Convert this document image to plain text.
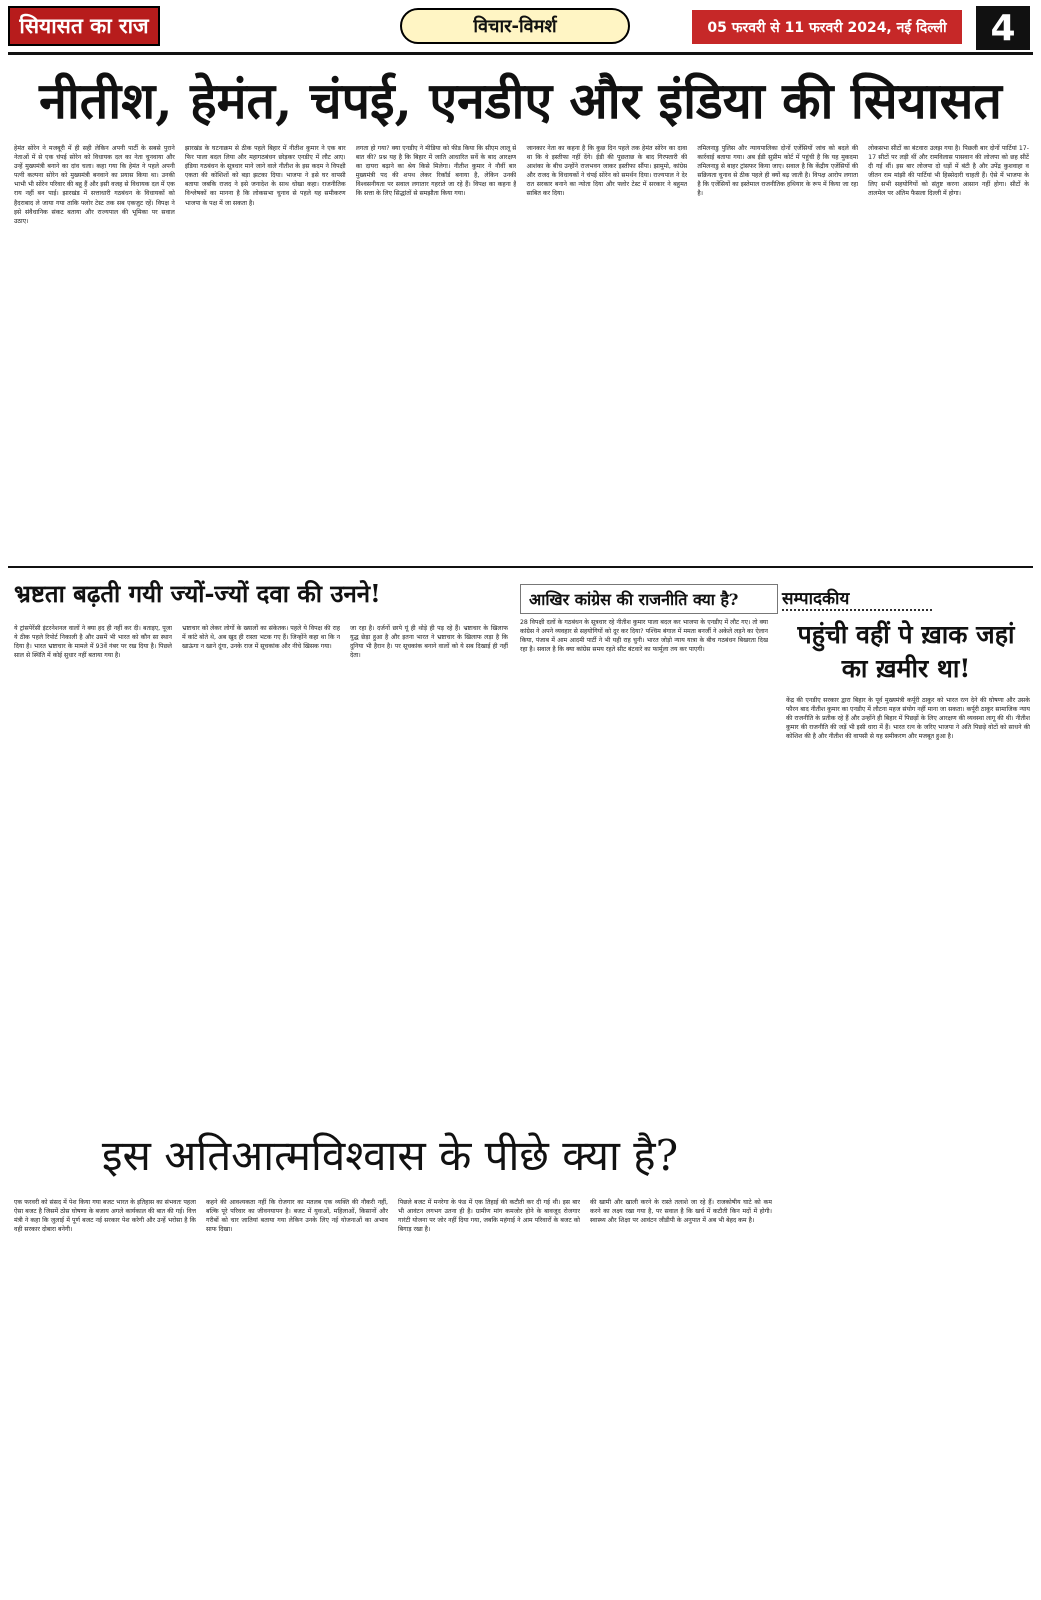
सियासत का राज	विचार-विमर्श	05 फरवरी से 11 फरवरी 2024, नई दिल्ली	4
नीतीश, हेमंत, चंपई, एनडीए और इंडिया की सियासत
हेमंत सोरेन ने मजबूरी में ही सही लेकिन अपनी पार्टी के सबसे पुराने नेताओं में से एक चंपई सोरेन को विधायक दल का नेता चुनवाया और उन्हें मुख्यमंत्री बनाने का दांव चला। कहा गया कि हेमंत ने पहले अपनी पत्नी कल्पना सोरेन को मुख्यमंत्री बनवाने का प्रयास किया था। उनकी भाभी भी सोरेन परिवार की बहू हैं और इसी वजह से विधायक दल में एक राय नहीं बन पाई। झारखंड में सत्ताधारी गठबंधन के विधायकों को हैदराबाद ले जाया गया ताकि फ्लोर टेस्ट तक सब एकजुट रहें। विपक्ष ने इसे संवैधानिक संकट बताया और राज्यपाल की भूमिका पर सवाल उठाए।
झारखंड के घटनाक्रम से ठीक पहले बिहार में नीतीश कुमार ने एक बार फिर पाला बदल लिया और महागठबंधन छोड़कर एनडीए में लौट आए। इंडिया गठबंधन के सूत्रधार माने जाने वाले नीतीश के इस कदम ने विपक्षी एकता की कोशिशों को बड़ा झटका दिया। भाजपा ने इसे घर वापसी बताया जबकि राजद ने इसे जनादेश के साथ धोखा कहा। राजनीतिक विश्लेषकों का मानना है कि लोकसभा चुनाव से पहले यह समीकरण भाजपा के पक्ष में जा सकता है।
लगता हो गया? क्या एनडीए ने मीडिया को फीड किया कि सीएम लालू से बात की? प्रश्न यह है कि बिहार में जाति आधारित सर्वे के बाद आरक्षण का दायरा बढ़ाने का श्रेय किसे मिलेगा। नीतीश कुमार ने नौवीं बार मुख्यमंत्री पद की शपथ लेकर रिकॉर्ड बनाया है, लेकिन उनकी विश्वसनीयता पर सवाल लगातार गहराते जा रहे हैं। विपक्ष का कहना है कि सत्ता के लिए सिद्धांतों से समझौता किया गया।
जानकार नेता का कहना है कि कुछ दिन पहले तक हेमंत सोरेन का दावा था कि वे इस्तीफा नहीं देंगे। ईडी की पूछताछ के बाद गिरफ्तारी की आशंका के बीच उन्होंने राजभवन जाकर इस्तीफा सौंपा। झामुमो, कांग्रेस और राजद के विधायकों ने चंपई सोरेन को समर्थन दिया। राज्यपाल ने देर रात सरकार बनाने का न्योता दिया और फ्लोर टेस्ट में सरकार ने बहुमत साबित कर दिया।
तमिलनाडु पुलिस और न्यायपालिका दोनों एजेंसियों जांच को बदले की कार्रवाई बताया गया। अब ईडी सुप्रीम कोर्ट में पहुंची है कि यह मुकदमा तमिलनाडु से बाहर ट्रांसफर किया जाए। सवाल है कि केंद्रीय एजेंसियों की सक्रियता चुनाव से ठीक पहले ही क्यों बढ़ जाती है। विपक्ष आरोप लगाता है कि एजेंसियों का इस्तेमाल राजनीतिक हथियार के रूप में किया जा रहा है।
लोकसभा सीटों का बंटवारा उलझ गया है। पिछली बार दोनों पार्टियां 17-17 सीटों पर लड़ी थीं और रामविलास पासवान की लोजपा को छह सीटें दी गई थीं। इस बार लोजपा दो धड़ों में बंटी है और उपेंद्र कुशवाहा व जीतन राम मांझी की पार्टियां भी हिस्सेदारी चाहती हैं। ऐसे में भाजपा के लिए सभी सहयोगियों को संतुष्ट करना आसान नहीं होगा। सीटों के तालमेल पर अंतिम फैसला दिल्ली में होगा।
भ्रष्टता बढ़ती गयी ज्यों-ज्यों दवा की उनने!
ये ट्रांसपेरेंसी इंटरनेशनल वालों ने क्या हद ही नहीं कर दी। बताइए, पूजा ये ठीक पहले रिपोर्ट निकाली है और उसमें भी भारत को कौन सा स्थान दिया है। भारत भ्रष्टाचार के मामले में 93वें नंबर पर रख दिया है। पिछले साल से स्थिति में कोई सुधार नहीं बताया गया है।
भ्रष्टाचार को लेकर लोगों के ख्यालों का संकेतक। पहले ये विपक्ष की राह में कांटे बोते थे, अब खुद ही रास्ता भटक गए हैं। जिन्होंने कहा था कि न खाऊंगा न खाने दूंगा, उनके राज में सूचकांक और नीचे खिसक गया।
जा रहा है। दर्जनों छापे यूं ही थोड़े ही पड़ रहे हैं। भ्रष्टाचार के खिलाफ युद्ध छेड़ा हुआ है और इतना भारत ने भ्रष्टाचार के खिलाफ लड़ा है कि दुनिया भी हैरान है। पर सूचकांक बनाने वालों को ये सब दिखाई ही नहीं देता।
आखिर कांग्रेस की राजनीति क्या है?
28 विपक्षी दलों के गठबंधन के सूत्रधार रहे नीतीश कुमार पाला बदल कर भाजपा के एनडीए में लौट गए। तो क्या कांग्रेस ने अपने व्यवहार से सहयोगियों को दूर कर दिया? पश्चिम बंगाल में ममता बनर्जी ने अकेले लड़ने का ऐलान किया, पंजाब में आम आदमी पार्टी ने भी यही राह चुनी। भारत जोड़ो न्याय यात्रा के बीच गठबंधन बिखरता दिख रहा है। सवाल है कि क्या कांग्रेस समय रहते सीट बंटवारे का फार्मूला तय कर पाएगी।
सम्पादकीय
पहुंची वहीं पे ख़ाक जहां का ख़मीर था!
केंद्र की एनडीए सरकार द्वारा बिहार के पूर्व मुख्यमंत्री कर्पूरी ठाकुर को भारत रत्न देने की घोषणा और उसके फौरन बाद नीतीश कुमार का एनडीए में लौटना महज संयोग नहीं माना जा सकता। कर्पूरी ठाकुर सामाजिक न्याय की राजनीति के प्रतीक रहे हैं और उन्होंने ही बिहार में पिछड़ों के लिए आरक्षण की व्यवस्था लागू की थी। नीतीश कुमार की राजनीति की जड़ें भी इसी धारा में हैं। भारत रत्न के जरिए भाजपा ने अति पिछड़े वोटों को साधने की कोशिश की है और नीतीश की वापसी से यह समीकरण और मजबूत हुआ है।
इस अतिआत्मविश्वास के पीछे क्या है?
एक फरवरी को संसद में पेश किया गया बजट भारत के इतिहास का संभवतः पहला ऐसा बजट है जिसमें ठोस घोषणा के बजाय अगले कार्यकाल की बात की गई। वित्त मंत्री ने कहा कि जुलाई में पूर्ण बजट नई सरकार पेश करेगी और उन्हें भरोसा है कि वही सरकार दोबारा बनेगी।
कहने की आवश्यकता नहीं कि रोजगार का मतलब एक व्यक्ति की नौकरी नहीं, बल्कि पूरे परिवार का जीवनयापन है। बजट में युवाओं, महिलाओं, किसानों और गरीबों को चार जातियां बताया गया लेकिन उनके लिए नई योजनाओं का अभाव साफ दिखा।
पिछले बजट में मनरेगा के फंड में एक तिहाई की कटौती कर दी गई थी। इस बार भी आवंटन लगभग उतना ही है। ग्रामीण मांग कमजोर होने के बावजूद रोजगार गारंटी योजना पर जोर नहीं दिया गया, जबकि महंगाई ने आम परिवारों के बजट को बिगाड़ रखा है।
की खामी और खाली करने के रास्ते तलाशे जा रहे हैं। राजकोषीय घाटे को कम करने का लक्ष्य रखा गया है, पर सवाल है कि खर्च में कटौती किन मदों में होगी। स्वास्थ्य और शिक्षा पर आवंटन जीडीपी के अनुपात में अब भी बेहद कम है।
